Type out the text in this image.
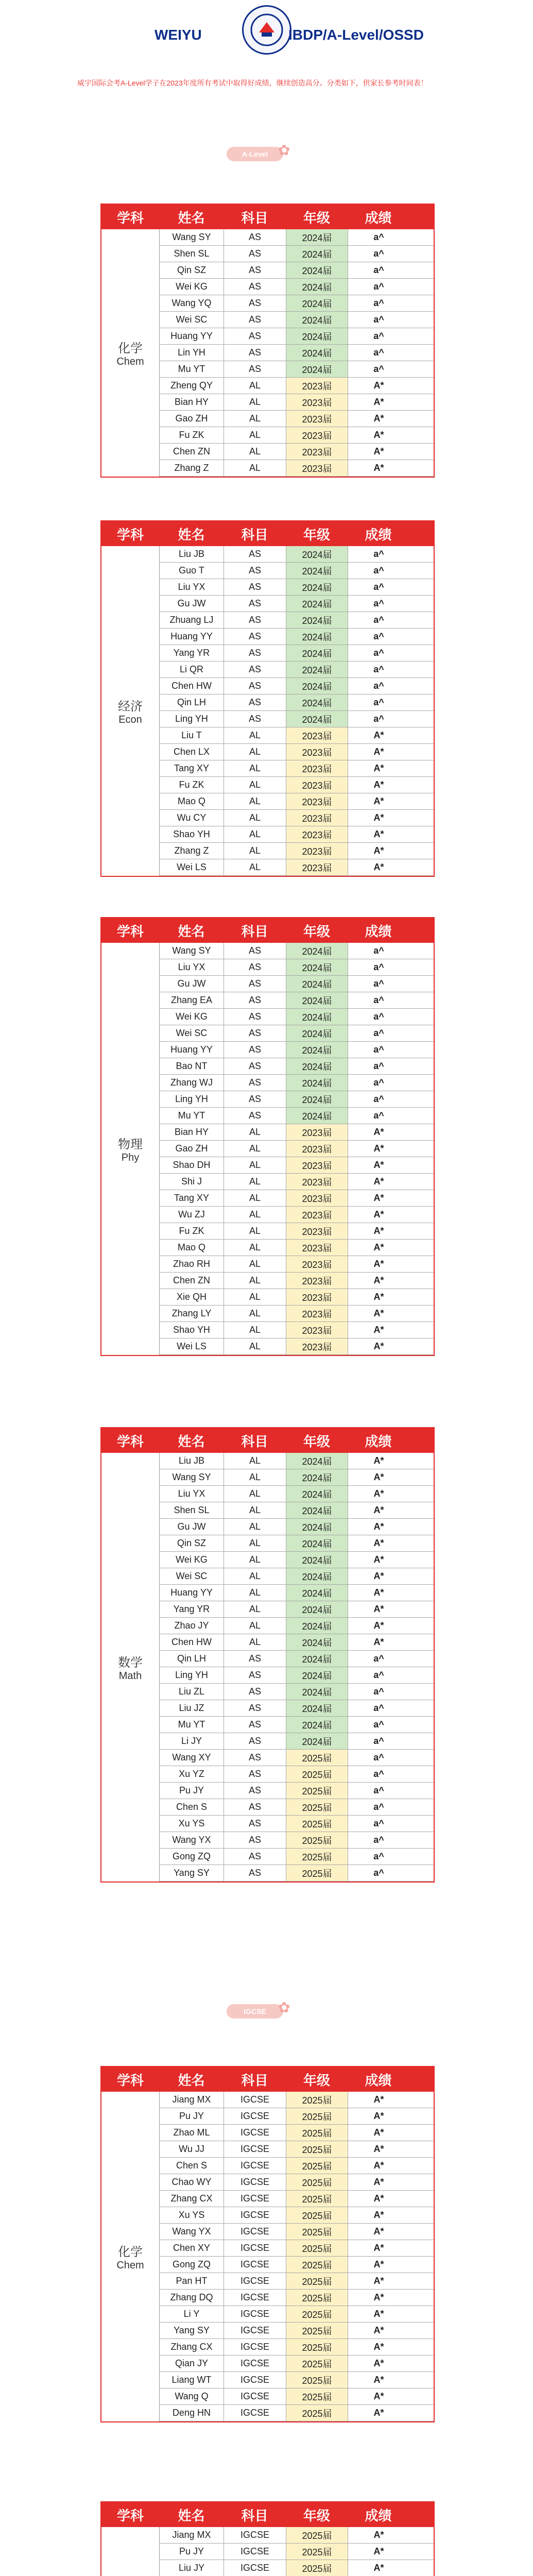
WEIYU	IBDP/A-Level/OSSD
威宇国际会考A-Level学子在2023年度所有考试中取得好成绩，继续创造高分。分类如下，供家长参考时间表！
A-Level ✿
学科	姓名	科目	年级	成绩
化学
Chem
Wang SY	AS	2024届	a^
Shen SL	AS	2024届	a^
Qin SZ	AS	2024届	a^
Wei KG	AS	2024届	a^
Wang YQ	AS	2024届	a^
Wei SC	AS	2024届	a^
Huang YY	AS	2024届	a^
Lin YH	AS	2024届	a^
Mu YT	AS	2024届	a^
Zheng QY	AL	2023届	A*
Bian HY	AL	2023届	A*
Gao ZH	AL	2023届	A*
Fu ZK	AL	2023届	A*
Chen ZN	AL	2023届	A*
Zhang Z	AL	2023届	A*
学科	姓名	科目	年级	成绩
经济
Econ
Liu JB	AS	2024届	a^
Guo T	AS	2024届	a^
Liu YX	AS	2024届	a^
Gu JW	AS	2024届	a^
Zhuang LJ	AS	2024届	a^
Huang YY	AS	2024届	a^
Yang YR	AS	2024届	a^
Li QR	AS	2024届	a^
Chen HW	AS	2024届	a^
Qin LH	AS	2024届	a^
Ling YH	AS	2024届	a^
Liu T	AL	2023届	A*
Chen LX	AL	2023届	A*
Tang XY	AL	2023届	A*
Fu ZK	AL	2023届	A*
Mao Q	AL	2023届	A*
Wu CY	AL	2023届	A*
Shao YH	AL	2023届	A*
Zhang Z	AL	2023届	A*
Wei LS	AL	2023届	A*
学科	姓名	科目	年级	成绩
物理
Phy
Wang SY	AS	2024届	a^
Liu YX	AS	2024届	a^
Gu JW	AS	2024届	a^
Zhang EA	AS	2024届	a^
Wei KG	AS	2024届	a^
Wei SC	AS	2024届	a^
Huang YY	AS	2024届	a^
Bao NT	AS	2024届	a^
Zhang WJ	AS	2024届	a^
Ling YH	AS	2024届	a^
Mu YT	AS	2024届	a^
Bian HY	AL	2023届	A*
Gao ZH	AL	2023届	A*
Shao DH	AL	2023届	A*
Shi J	AL	2023届	A*
Tang XY	AL	2023届	A*
Wu ZJ	AL	2023届	A*
Fu ZK	AL	2023届	A*
Mao Q	AL	2023届	A*
Zhao RH	AL	2023届	A*
Chen ZN	AL	2023届	A*
Xie QH	AL	2023届	A*
Zhang LY	AL	2023届	A*
Shao YH	AL	2023届	A*
Wei LS	AL	2023届	A*
学科	姓名	科目	年级	成绩
数学
Math
Liu JB	AL	2024届	A*
Wang SY	AL	2024届	A*
Liu YX	AL	2024届	A*
Shen SL	AL	2024届	A*
Gu JW	AL	2024届	A*
Qin SZ	AL	2024届	A*
Wei KG	AL	2024届	A*
Wei SC	AL	2024届	A*
Huang YY	AL	2024届	A*
Yang YR	AL	2024届	A*
Zhao JY	AL	2024届	A*
Chen HW	AL	2024届	A*
Qin LH	AS	2024届	a^
Ling YH	AS	2024届	a^
Liu ZL	AS	2024届	a^
Liu JZ	AS	2024届	a^
Mu YT	AS	2024届	a^
Li JY	AS	2024届	a^
Wang XY	AS	2025届	a^
Xu YZ	AS	2025届	a^
Pu JY	AS	2025届	a^
Chen S	AS	2025届	a^
Xu YS	AS	2025届	a^
Wang YX	AS	2025届	a^
Gong ZQ	AS	2025届	a^
Yang SY	AS	2025届	a^
学科	姓名	科目	年级	成绩
化学
Chem
Jiang MX	IGCSE	2025届	A*
Pu JY	IGCSE	2025届	A*
Zhao ML	IGCSE	2025届	A*
Wu JJ	IGCSE	2025届	A*
Chen S	IGCSE	2025届	A*
Chao WY	IGCSE	2025届	A*
Zhang CX	IGCSE	2025届	A*
Xu YS	IGCSE	2025届	A*
Wang YX	IGCSE	2025届	A*
Chen XY	IGCSE	2025届	A*
Gong ZQ	IGCSE	2025届	A*
Pan HT	IGCSE	2025届	A*
Zhang DQ	IGCSE	2025届	A*
Li Y	IGCSE	2025届	A*
Yang SY	IGCSE	2025届	A*
Zhang CX	IGCSE	2025届	A*
Qian JY	IGCSE	2025届	A*
Liang WT	IGCSE	2025届	A*
Wang Q	IGCSE	2025届	A*
Deng HN	IGCSE	2025届	A*
学科	姓名	科目	年级	成绩
Jiang MX	IGCSE	2025届	A*
Pu JY	IGCSE	2025届	A*
Liu JY	IGCSE	2025届	A*
IGCSE ✿
